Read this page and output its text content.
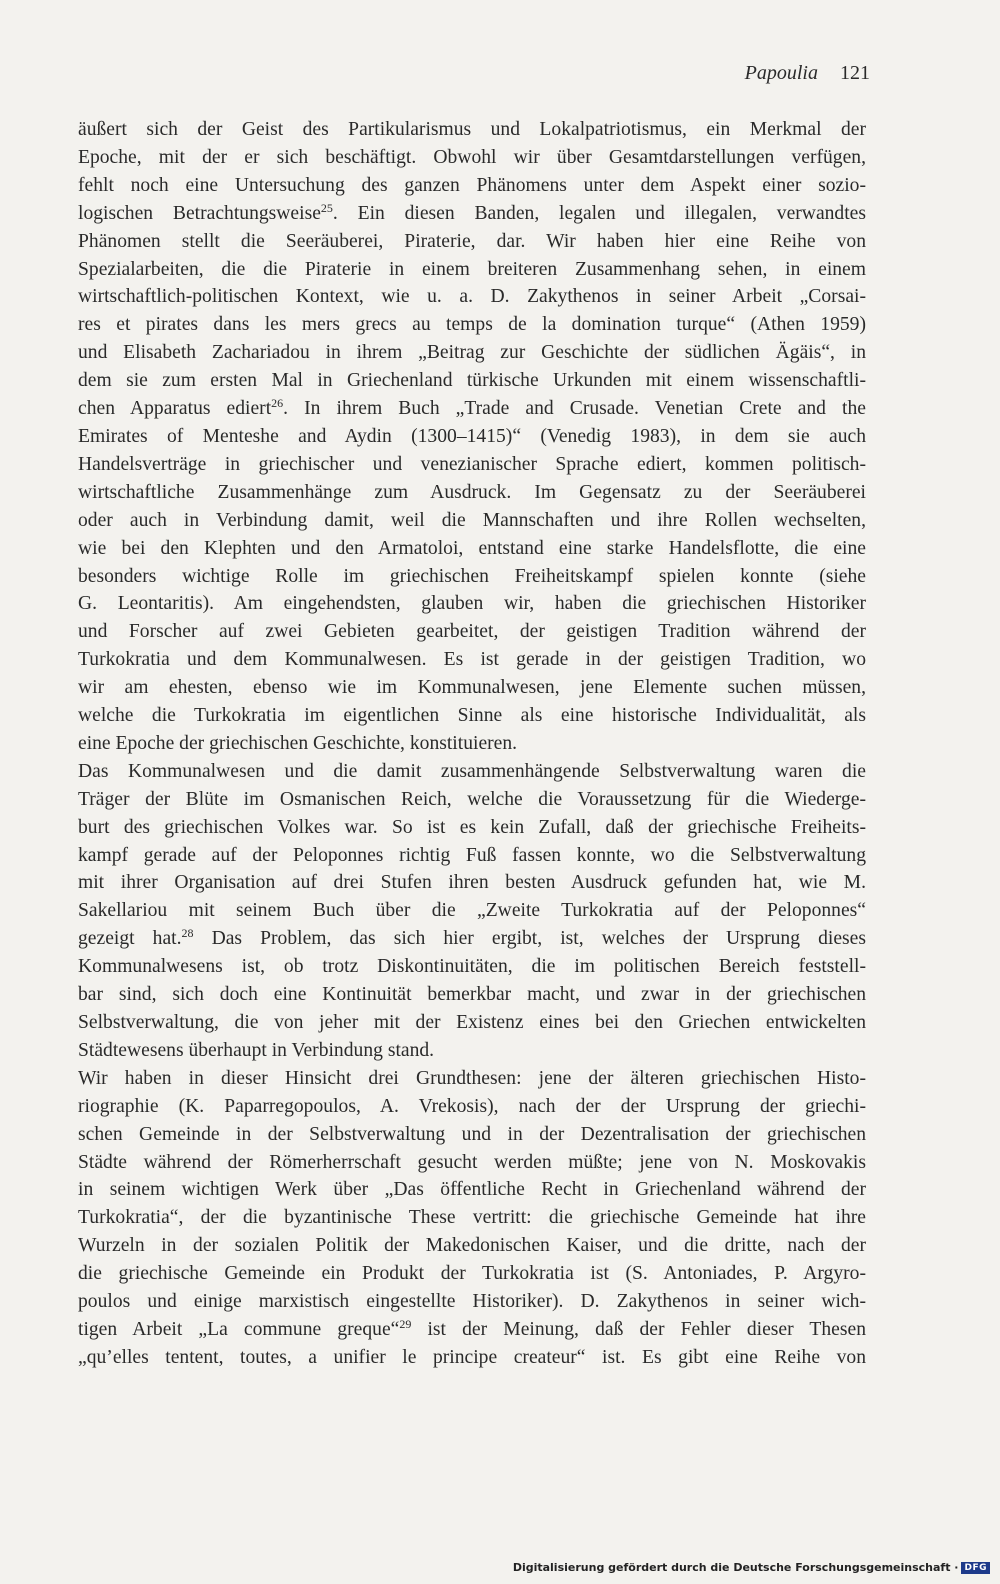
Papoulia 121
äußert sich der Geist des Partikularismus und Lokalpatriotismus, ein Merkmal der
Epoche, mit der er sich beschäftigt. Obwohl wir über Gesamtdarstellungen verfügen,
fehlt noch eine Untersuchung des ganzen Phänomens unter dem Aspekt einer sozio-
logischen Betrachtungsweise$^{25}$. Ein diesen Banden, legalen und illegalen, verwandtes
Phänomen stellt die Seeräuberei, Piraterie, dar. Wir haben hier eine Reihe von
Spezialarbeiten, die die Piraterie in einem breiteren Zusammenhang sehen, in einem
wirtschaftlich-politischen Kontext, wie u. a. D. Zakythenos in seiner Arbeit „Corsai-
res et pirates dans les mers grecs au temps de la domination turque“ (Athen 1959)
und Elisabeth Zachariadou in ihrem „Beitrag zur Geschichte der südlichen Ägäis“, in
dem sie zum ersten Mal in Griechenland türkische Urkunden mit einem wissenschaftli-
chen Apparatus ediert$^{26}$. In ihrem Buch „Trade and Crusade. Venetian Crete and the
Emirates of Menteshe and Aydin (1300–1415)“ (Venedig 1983), in dem sie auch
Handelsverträge in griechischer und venezianischer Sprache ediert, kommen politisch-
wirtschaftliche Zusammenhänge zum Ausdruck. Im Gegensatz zu der Seeräuberei
oder auch in Verbindung damit, weil die Mannschaften und ihre Rollen wechselten,
wie bei den Klephten und den Armatoloi, entstand eine starke Handelsflotte, die eine
besonders wichtige Rolle im griechischen Freiheitskampf spielen konnte (siehe
G. Leontaritis). Am eingehendsten, glauben wir, haben die griechischen Historiker
und Forscher auf zwei Gebieten gearbeitet, der geistigen Tradition während der
Turkokratia und dem Kommunalwesen. Es ist gerade in der geistigen Tradition, wo
wir am ehesten, ebenso wie im Kommunalwesen, jene Elemente suchen müssen,
welche die Turkokratia im eigentlichen Sinne als eine historische Individualität, als
eine Epoche der griechischen Geschichte, konstituieren.
Das Kommunalwesen und die damit zusammenhängende Selbstverwaltung waren die
Träger der Blüte im Osmanischen Reich, welche die Voraussetzung für die Wiederge-
burt des griechischen Volkes war. So ist es kein Zufall, daß der griechische Freiheits-
kampf gerade auf der Peloponnes richtig Fuß fassen konnte, wo die Selbstverwaltung
mit ihrer Organisation auf drei Stufen ihren besten Ausdruck gefunden hat, wie M.
Sakellariou mit seinem Buch über die „Zweite Turkokratia auf der Peloponnes“
gezeigt hat.$^{28}$ Das Problem, das sich hier ergibt, ist, welches der Ursprung dieses
Kommunalwesens ist, ob trotz Diskontinuitäten, die im politischen Bereich feststell-
bar sind, sich doch eine Kontinuität bemerkbar macht, und zwar in der griechischen
Selbstverwaltung, die von jeher mit der Existenz eines bei den Griechen entwickelten
Städtewesens überhaupt in Verbindung stand.
Wir haben in dieser Hinsicht drei Grundthesen: jene der älteren griechischen Histo-
riographie (K. Paparregopoulos, A. Vrekosis), nach der der Ursprung der griechi-
schen Gemeinde in der Selbstverwaltung und in der Dezentralisation der griechischen
Städte während der Römerherrschaft gesucht werden müßte; jene von N. Moskovakis
in seinem wichtigen Werk über „Das öffentliche Recht in Griechenland während der
Turkokratia“, der die byzantinische These vertritt: die griechische Gemeinde hat ihre
Wurzeln in der sozialen Politik der Makedonischen Kaiser, und die dritte, nach der
die griechische Gemeinde ein Produkt der Turkokratia ist (S. Antoniades, P. Argyro-
poulos und einige marxistisch eingestellte Historiker). D. Zakythenos in seiner wich-
tigen Arbeit „La commune greque“$^{29}$ ist der Meinung, daß der Fehler dieser Thesen
„qu’elles tentent, toutes, a unifier le principe createur“ ist. Es gibt eine Reihe von
Digitalisierung gefördert durch die Deutsche Forschungsgemeinschaft · DFG
